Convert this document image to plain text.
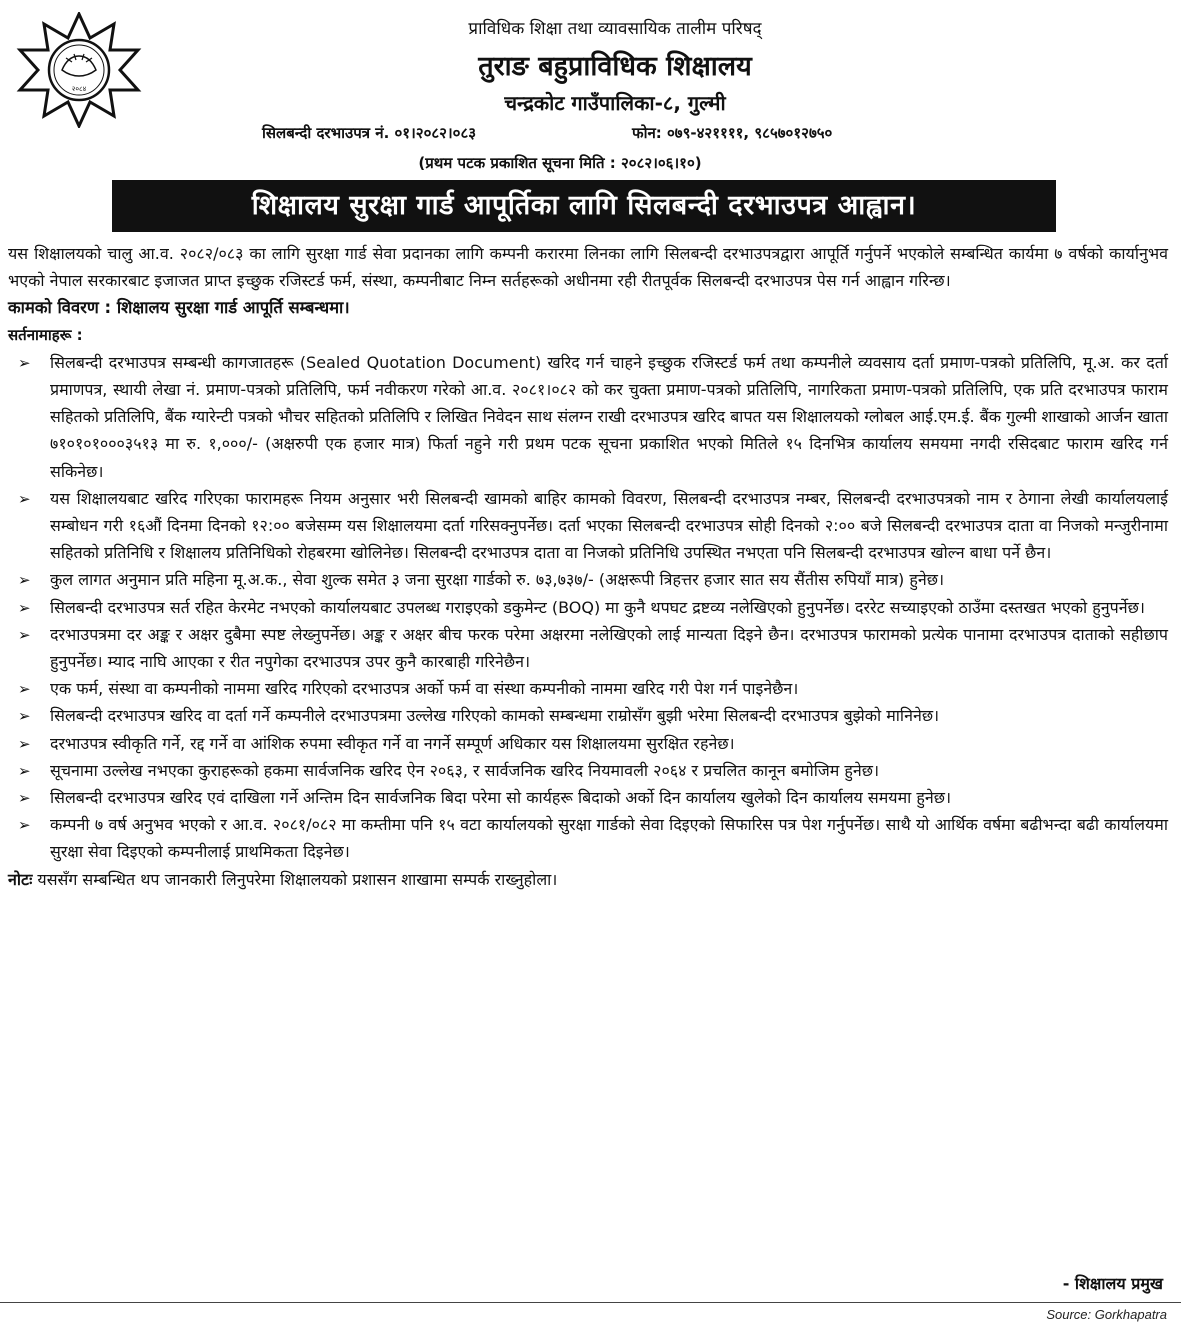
२०८४
प्राविधिक शिक्षा तथा व्यावसायिक तालीम परिषद्
तुराङ बहुप्राविधिक शिक्षालय
चन्द्रकोट गाउँपालिका-८, गुल्मी
सिलबन्दी दरभाउपत्र नं. ०१।२०८२।०८३	फोन: ०७९-४२११११, ९८५७०१२७५०
(प्रथम पटक प्रकाशित सूचना मिति : २०८२।०६।१०)
शिक्षालय सुरक्षा गार्ड आपूर्तिका लागि सिलबन्दी दरभाउपत्र आह्वान।

यस शिक्षालयको चालु आ.व. २०८२/०८३ का लागि सुरक्षा गार्ड सेवा प्रदानका लागि कम्पनी करारमा लिनका लागि सिलबन्दी दरभाउपत्रद्वारा आपूर्ति गर्नुपर्ने भएकोले सम्बन्धित कार्यमा ७ वर्षको कार्यानुभव भएको नेपाल सरकारबाट इजाजत प्राप्त इच्छुक रजिस्टर्ड फर्म, संस्था, कम्पनीबाट निम्न सर्तहरूको अधीनमा रही रीतपूर्वक सिलबन्दी दरभाउपत्र पेस गर्न आह्वान गरिन्छ।

कामको विवरण : शिक्षालय सुरक्षा गार्ड आपूर्ति सम्बन्धमा।

सर्तनामाहरू :

➢ सिलबन्दी दरभाउपत्र सम्बन्धी कागजातहरू (Sealed Quotation Document) खरिद गर्न चाहने इच्छुक रजिस्टर्ड फर्म तथा कम्पनीले व्यवसाय दर्ता प्रमाण-पत्रको प्रतिलिपि, मू.अ. कर दर्ता प्रमाणपत्र, स्थायी लेखा नं. प्रमाण-पत्रको प्रतिलिपि, फर्म नवीकरण गरेको आ.व. २०८१।०८२ को कर चुक्ता प्रमाण-पत्रको प्रतिलिपि, नागरिकता प्रमाण-पत्रको प्रतिलिपि, एक प्रति दरभाउपत्र फाराम सहितको प्रतिलिपि, बैंक ग्यारेन्टी पत्रको भौचर सहितको प्रतिलिपि र लिखित निवेदन साथ संलग्न राखी दरभाउपत्र खरिद बापत यस शिक्षालयको ग्लोबल आई.एम.ई. बैंक गुल्मी शाखाको आर्जन खाता ७१०१०१०००३५१३ मा रु. १,०००/- (अक्षरुपी एक हजार मात्र) फिर्ता नहुने गरी प्रथम पटक सूचना प्रकाशित भएको मितिले १५ दिनभित्र कार्यालय समयमा नगदी रसिदबाट फाराम खरिद गर्न सकिनेछ।
➢ यस शिक्षालयबाट खरिद गरिएका फारामहरू नियम अनुसार भरी सिलबन्दी खामको बाहिर कामको विवरण, सिलबन्दी दरभाउपत्र नम्बर, सिलबन्दी दरभाउपत्रको नाम र ठेगाना लेखी कार्यालयलाई सम्बोधन गरी १६औं दिनमा दिनको १२:०० बजेसम्म यस शिक्षालयमा दर्ता गरिसक्नुपर्नेछ। दर्ता भएका सिलबन्दी दरभाउपत्र सोही दिनको २:०० बजे सिलबन्दी दरभाउपत्र दाता वा निजको मन्जुरीनामा सहितको प्रतिनिधि र शिक्षालय प्रतिनिधिको रोहबरमा खोलिनेछ। सिलबन्दी दरभाउपत्र दाता वा निजको प्रतिनिधि उपस्थित नभएता पनि सिलबन्दी दरभाउपत्र खोल्न बाधा पर्ने छैन।
➢ कुल लागत अनुमान प्रति महिना मू.अ.क., सेवा शुल्क समेत ३ जना सुरक्षा गार्डको रु. ७३,७३७/- (अक्षरूपी त्रिहत्तर हजार सात सय सैंतीस रुपियाँ मात्र) हुनेछ।
➢ सिलबन्दी दरभाउपत्र सर्त रहित केरमेट नभएको कार्यालयबाट उपलब्ध गराइएको डकुमेन्ट (BOQ) मा कुनै थपघट द्रष्टव्य नलेखिएको हुनुपर्नेछ। दररेट सच्याइएको ठाउँमा दस्तखत भएको हुनुपर्नेछ।
➢ दरभाउपत्रमा दर अङ्क र अक्षर दुबैमा स्पष्ट लेख्नुपर्नेछ। अङ्क र अक्षर बीच फरक परेमा अक्षरमा नलेखिएको लाई मान्यता दिइने छैन। दरभाउपत्र फारामको प्रत्येक पानामा दरभाउपत्र दाताको सहीछाप हुनुपर्नेछ। म्याद नाघि आएका र रीत नपुगेका दरभाउपत्र उपर कुनै कारबाही गरिनेछैन।
➢ एक फर्म, संस्था वा कम्पनीको नाममा खरिद गरिएको दरभाउपत्र अर्को फर्म वा संस्था कम्पनीको नाममा खरिद गरी पेश गर्न पाइनेछैन।
➢ सिलबन्दी दरभाउपत्र खरिद वा दर्ता गर्ने कम्पनीले दरभाउपत्रमा उल्लेख गरिएको कामको सम्बन्धमा राम्रोसँग बुझी भरेमा सिलबन्दी दरभाउपत्र बुझेको मानिनेछ।
➢ दरभाउपत्र स्वीकृति गर्ने, रद्द गर्ने वा आंशिक रुपमा स्वीकृत गर्ने वा नगर्ने सम्पूर्ण अधिकार यस शिक्षालयमा सुरक्षित रहनेछ।
➢ सूचनामा उल्लेख नभएका कुराहरूको हकमा सार्वजनिक खरिद ऐन २०६३, र सार्वजनिक खरिद नियमावली २०६४ र प्रचलित कानून बमोजिम हुनेछ।
➢ सिलबन्दी दरभाउपत्र खरिद एवं दाखिला गर्ने अन्तिम दिन सार्वजनिक बिदा परेमा सो कार्यहरू बिदाको अर्को दिन कार्यालय खुलेको दिन कार्यालय समयमा हुनेछ।
➢ कम्पनी ७ वर्ष अनुभव भएको र आ.व. २०८१/०८२ मा कम्तीमा पनि १५ वटा कार्यालयको सुरक्षा गार्डको सेवा दिइएको सिफारिस पत्र पेश गर्नुपर्नेछ। साथै यो आर्थिक वर्षमा बढीभन्दा बढी कार्यालयमा सुरक्षा सेवा दिइएको कम्पनीलाई प्राथमिकता दिइनेछ।

नोटः यससँग सम्बन्धित थप जानकारी लिनुपरेमा शिक्षालयको प्रशासन शाखामा सम्पर्क राख्नुहोला।

- शिक्षालय प्रमुख
Source: Gorkhapatra
